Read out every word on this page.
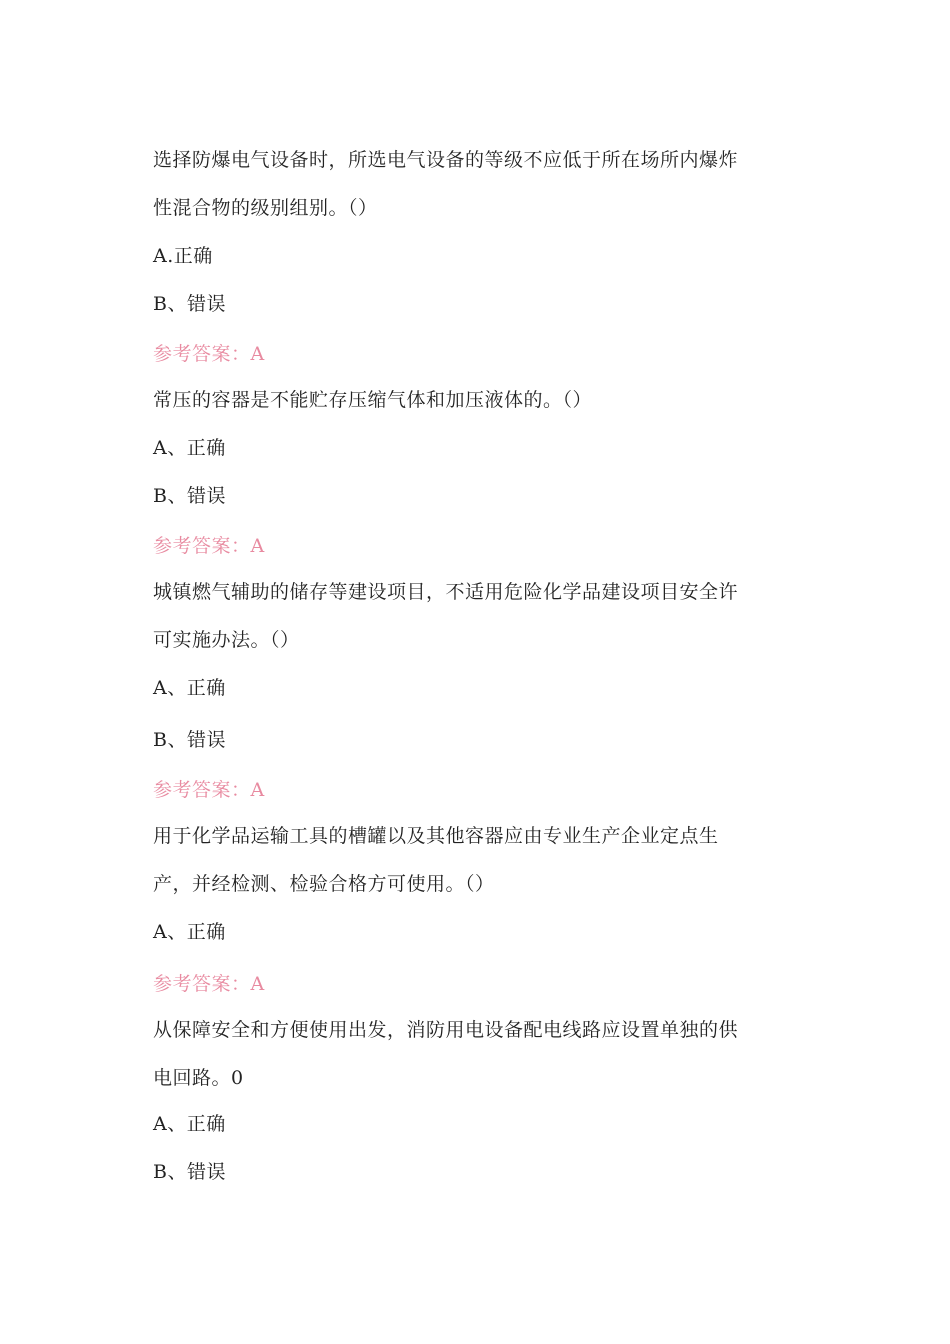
选择防爆电气设备时，所选电气设备的等级不应低于所在场所内爆炸
性混合物的级别组别。（）
A.正确
B、错误
参考答案：A
常压的容器是不能贮存压缩气体和加压液体的。（）
A、正确
B、错误
参考答案：A
城镇燃气辅助的储存等建设项目，不适用危险化学品建设项目安全许
可实施办法。（）
A、正确
B、错误
参考答案：A
用于化学品运输工具的槽罐以及其他容器应由专业生产企业定点生
产，并经检测、检验合格方可使用。（）
A、正确
参考答案：A
从保障安全和方便使用出发，消防用电设备配电线路应设置单独的供
电回路。0
A、正确
B、错误
